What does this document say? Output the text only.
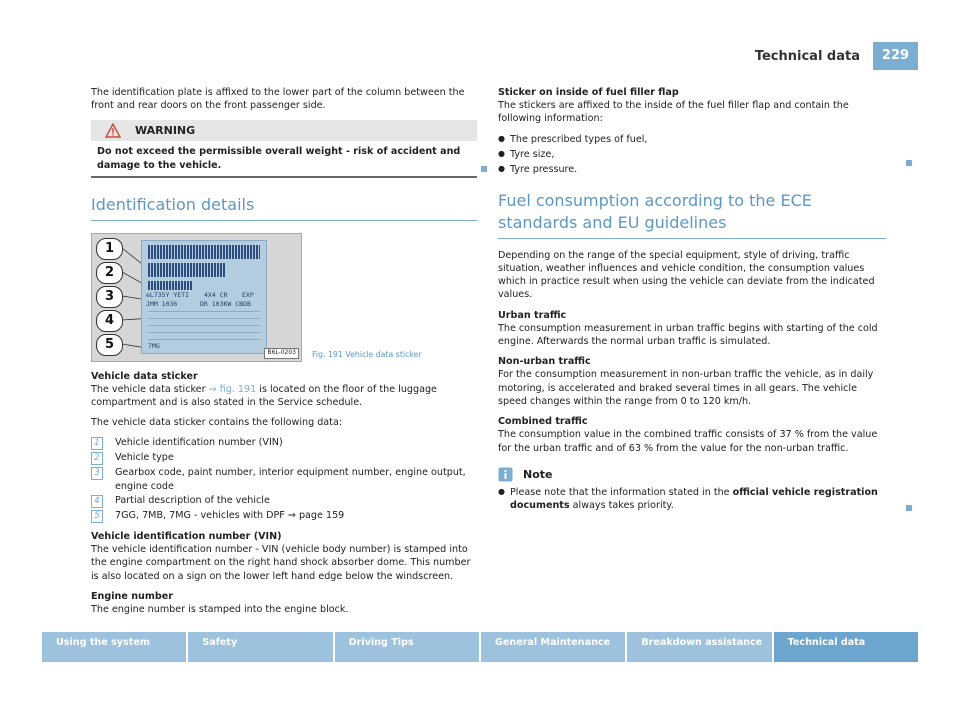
Technical data	229

The identification plate is affixed to the lower part of the column between the front and rear doors on the front passenger side.

WARNING
Do not exceed the permissible overall weight - risk of accident and damage to the vehicle.
Identification details
1
2
3
4
5
eL735Y YETI 4X4 CR EXP
JMM 1036	DR 103KW CBDB
7MG
B6L-0203	Fig. 191 Vehicle data sticker

Vehicle data sticker

The vehicle data sticker ⇒ fig. 191 is located on the floor of the luggage compartment and is also stated in the Service schedule.

The vehicle data sticker contains the following data:

1	Vehicle identification number (VIN)
2	Vehicle type
3	Gearbox code, paint number, interior equipment number, engine output, engine code
4	Partial description of the vehicle
5	7GG, 7MB, 7MG - vehicles with DPF ⇒ page 159

Vehicle identification number (VIN)

The vehicle identification number - VIN (vehicle body number) is stamped into the engine compartment on the right hand shock absorber dome. This number is also located on a sign on the lower left hand edge below the windscreen.

Engine number

The engine number is stamped into the engine block.

Sticker on inside of fuel filler flap

The stickers are affixed to the inside of the fuel filler flap and contain the following information:

● The prescribed types of fuel,
● Tyre size,
● Tyre pressure.
Fuel consumption according to the ECE standards and EU guidelines

Depending on the range of the special equipment, style of driving, traffic situation, weather influences and vehicle condition, the consumption values which in practice result when using the vehicle can deviate from the indicated values.

Urban traffic

The consumption measurement in urban traffic begins with starting of the cold engine. Afterwards the normal urban traffic is simulated.

Non-urban traffic

For the consumption measurement in non-urban traffic the vehicle, as in daily motoring, is accelerated and braked several times in all gears. The vehicle speed changes within the range from 0 to 120 km/h.

Combined traffic

The consumption value in the combined traffic consists of 37 % from the value for the urban traffic and of 63 % from the value for the non-urban traffic.

Note
● Please note that the information stated in the official vehicle registration documents always takes priority.
Using the system	Safety	Driving Tips	General Maintenance	Breakdown assistance	Technical data
